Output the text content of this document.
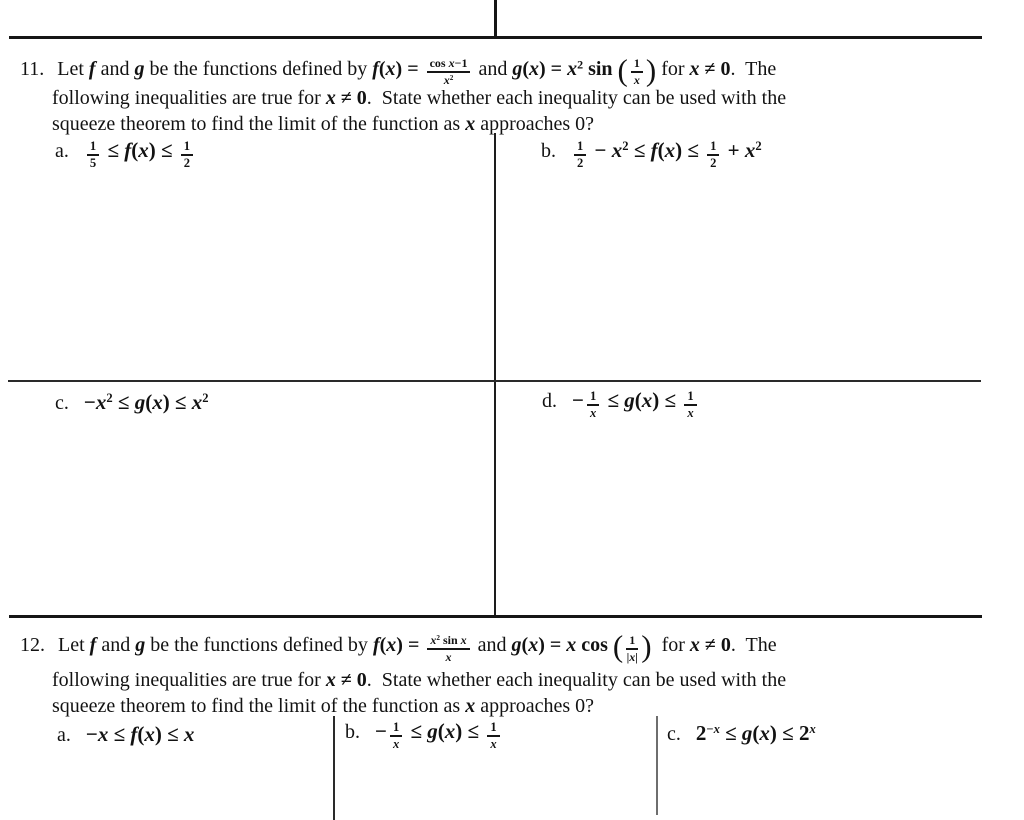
11. Let f and g be the functions defined by $f(x) = \frac{\text{cos x−1}}{x^2}$ and $g(x) = x^2$ sin ( $\frac{1}{x}$ ) for x ≠ 0.  The
following inequalities are true for x ≠ 0.  State whether each inequality can be used with the
squeeze theorem to find the limit of the function as x approaches 0?
a. $\frac{1}{5} \le f(x) \le \frac{1}{2}$	b. $\frac{1}{2} - x^2 \le f(x) \le \frac{1}{2} + x^2$
c. $-x^2 \le g(x) \le x^2$	d. − $\frac{1}{x} \le g(x) \le \frac{1}{x}$
12. Let f and g be the functions defined by $f(x) = \frac{x^2 \sin x}{x}$ and g(x) = x cos ( $\frac{1}{|x|}$ )  for x ≠ 0.  The
following inequalities are true for x ≠ 0.  State whether each inequality can be used with the
squeeze theorem to find the limit of the function as x approaches 0?
a. −x ≤ f(x) ≤ x	b. − $\frac{1}{x} \le g(x) \le \frac{1}{x}$	c. $2^{-x} \le g(x) \le 2^x$
